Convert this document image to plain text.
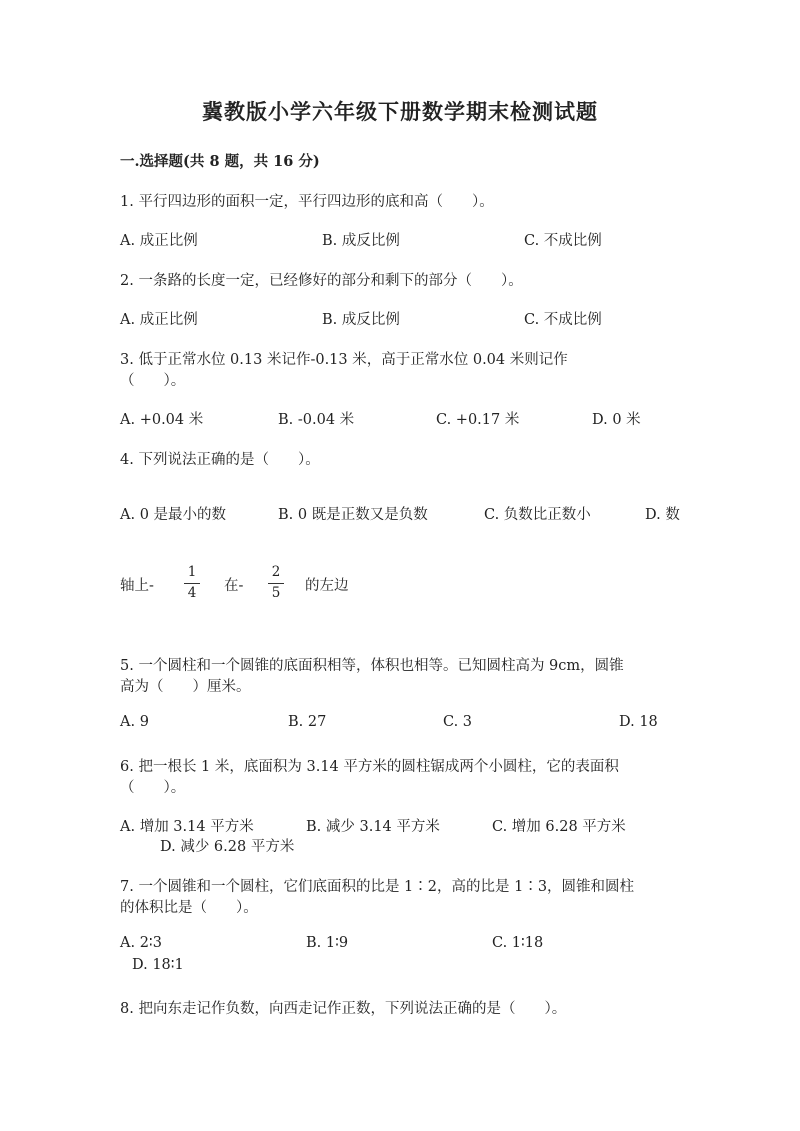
冀教版小学六年级下册数学期末检测试题
一.选择题(共 8 题，共 16 分)
1. 平行四边形的面积一定，平行四边形的底和高（　　）。
A. 成正比例	B. 成反比例	C. 不成比例
2. 一条路的长度一定，已经修好的部分和剩下的部分（　　）。
A. 成正比例	B. 成反比例	C. 不成比例
3. 低于正常水位 0.13 米记作-0.13 米，高于正常水位 0.04 米则记作
（　　）。
A. +0.04 米	B. -0.04 米	C. +0.17 米	D. 0 米
4. 下列说法正确的是（　　）。
A. 0 是最小的数	B. 0 既是正数又是负数	C. 负数比正数小	D. 数
轴上-
1
4 在-
2
5 的左边
5. 一个圆柱和一个圆锥的底面积相等，体积也相等。已知圆柱高为 9cm，圆锥
高为（　　）厘米。
A. 9	B. 27	C. 3	D. 18
6. 把一根长 1 米，底面积为 3.14 平方米的圆柱锯成两个小圆柱，它的表面积
（　　）。
A. 增加 3.14 平方米	B. 减少 3.14 平方米	C. 增加 6.28 平方米
D. 减少 6.28 平方米
7. 一个圆锥和一个圆柱，它们底面积的比是 1∶2，高的比是 1∶3，圆锥和圆柱
的体积比是（　　）。
A. 2∶3	B. 1∶9	C. 1∶18
D. 18∶1
8. 把向东走记作负数，向西走记作正数，下列说法正确的是（　　）。
